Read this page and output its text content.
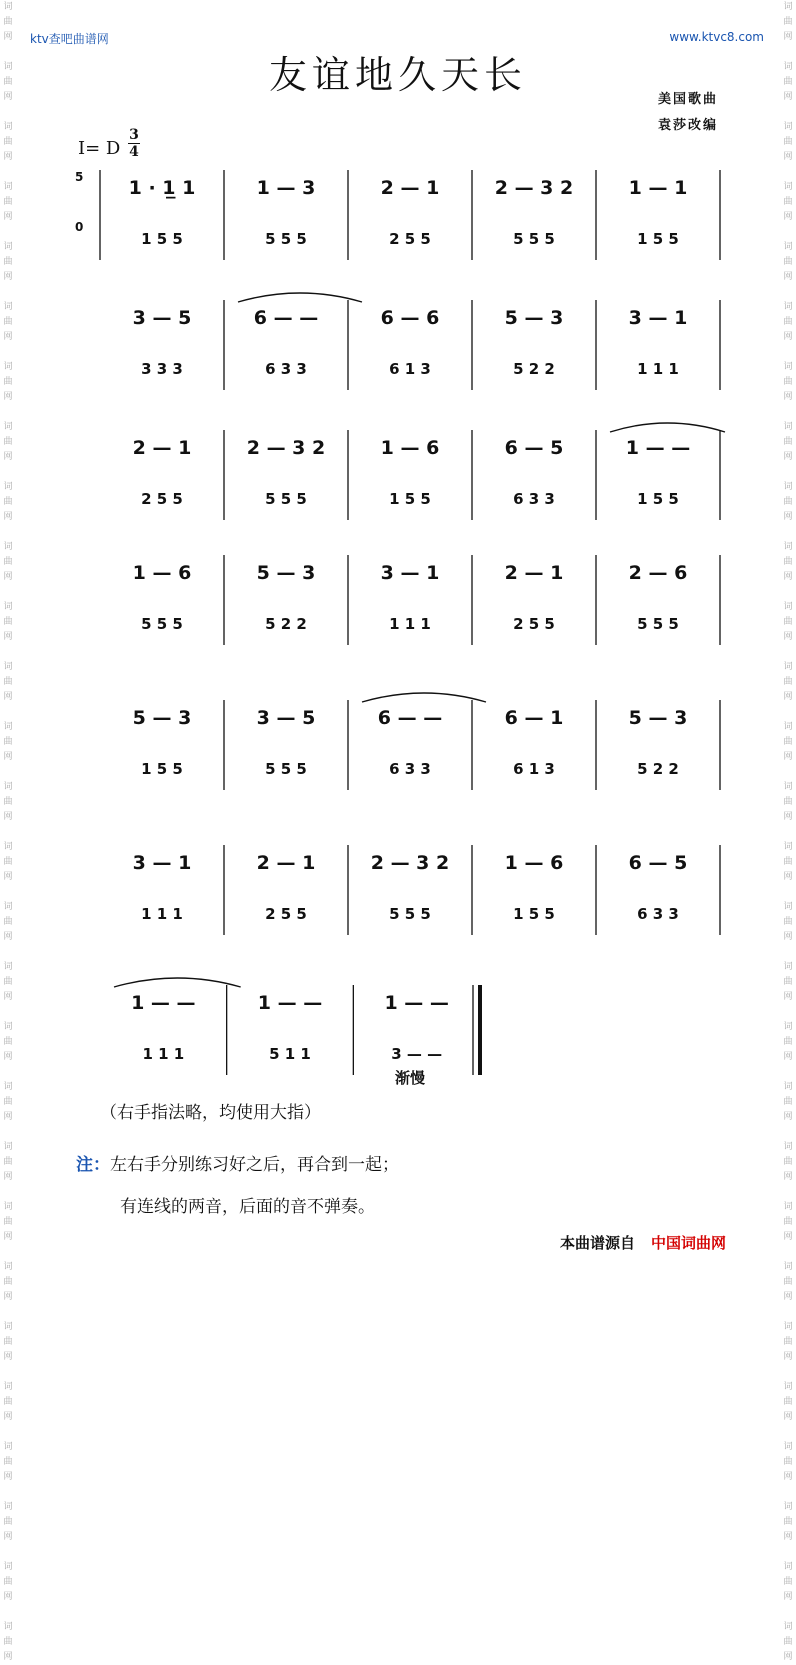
词
曲
网

词
曲
网

词
曲
网

词
曲
网

词
曲
网

词
曲
网

词
曲
网

词
曲
网

词
曲
网

词
曲
网

词
曲
网

词
曲
网

词
曲
网

词
曲
网

词
曲
网

词
曲
网

词
曲
网

词
曲
网

词
曲
网

词
曲
网

词
曲
网

词
曲
网

词
曲
网

词
曲
网

词
曲
网

词
曲
网

词
曲
网

词
曲
网

词
曲
网

词
曲
网

词
曲
网

词
曲
网

词
曲
网

词
曲
网

词
曲
网

词
曲
网

词
曲
网

词
曲
网

词
曲
网

词
曲
网

词
曲
网

词
曲
网

词
曲
网

词
曲
网

词
曲
网

词
曲
网

词
曲
网

词
曲
网

词
曲
网

词
曲
网

词
曲
网

词
曲
网

词
曲
网

词
曲
网

词
曲
网

词
曲
网

ktv查吧曲谱网	www.ktvc8.com
友谊地久天长
美国歌曲
袁莎改编
I= D
3
4
1 · 1̲ 1
1 5 5
1 — 3
5 5 5
2 — 1
2 5 5
2 — 3 2
5 5 5
1 — 1
1 5 5
5
0
3 — 5
3 3 3
6 — —
6 3 3
6 — 6
6 1 3
5 — 3
5 2 2
3 — 1
1 1 1
2 — 1
2 5 5
2 — 3 2
5 5 5
1 — 6
1 5 5
6 — 5
6 3 3
1 — —
1 5 5
1 — 6
5 5 5
5 — 3
5 2 2
3 — 1
1 1 1
2 — 1
2 5 5
2 — 6
5 5 5
5 — 3
1 5 5
3 — 5
5 5 5
6 — —
6 3 3
6 — 1
6 1 3
5 — 3
5 2 2
3 — 1
1 1 1
2 — 1
2 5 5
2 — 3 2
5 5 5
1 — 6
1 5 5
6 — 5
6 3 3
1 — —
1 1 1
1 — —
5 1 1
1 — —
3 — —
渐慢
（右手指法略，均使用大指）
注：左右手分别练习好之后，再合到一起；
有连线的两音，后面的音不弹奏。
本曲谱源自 中国词曲网
